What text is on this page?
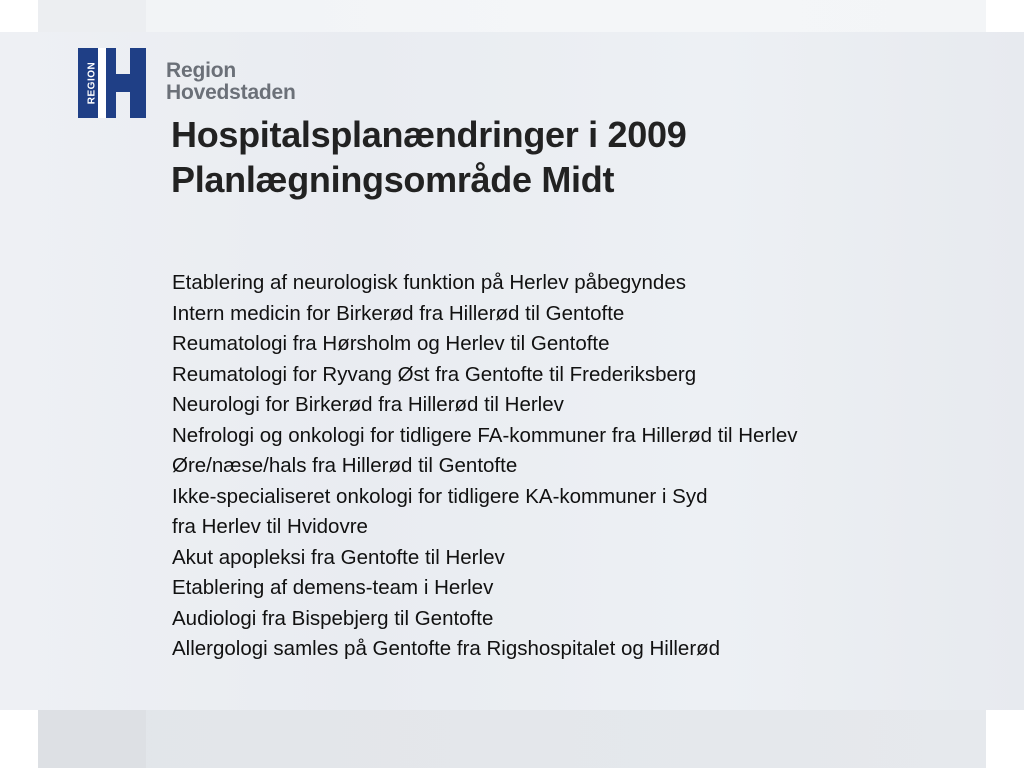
REGION	Region
Hovedstaden
Hospitalsplanændringer i 2009
Planlægningsområde Midt
Etablering af neurologisk funktion på Herlev påbegyndes
Intern medicin for Birkerød fra Hillerød til Gentofte
Reumatologi fra Hørsholm og Herlev til Gentofte
Reumatologi for Ryvang Øst fra Gentofte til Frederiksberg
Neurologi for Birkerød fra Hillerød til Herlev
Nefrologi og onkologi for tidligere FA-kommuner fra Hillerød til Herlev
Øre/næse/hals fra Hillerød til Gentofte
Ikke-specialiseret onkologi for tidligere KA-kommuner i Syd
fra Herlev til Hvidovre
Akut apopleksi fra Gentofte til Herlev
Etablering af demens-team i Herlev
Audiologi fra Bispebjerg til Gentofte
Allergologi samles på Gentofte fra Rigshospitalet og Hillerød
